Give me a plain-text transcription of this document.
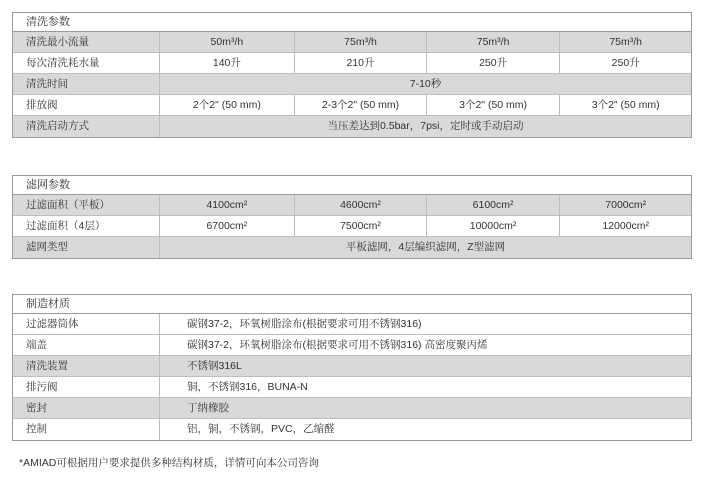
清洗参数
清洗最小流量	50m³/h	75m³/h	75m³/h	75m³/h
每次清洗耗水量	140升	210升	250升	250升
清洗时间	7-10秒
排放阀	2个2" (50 mm)	2-3个2" (50 mm)	3个2" (50 mm)	3个2" (50 mm)
清洗启动方式	当压差达到0.5bar，7psi，定时或手动启动
滤网参数
过滤面积（平板）	4100cm²	4600cm²	6100cm²	7000cm²
过滤面积（4层）	6700cm²	7500cm²	10000cm²	12000cm²
滤网类型	平板滤网，4层编织滤网，Z型滤网
制造材质
过滤器筒体	碳钢37-2，环氧树脂涂布(根据要求可用不锈钢316)
端盖	碳钢37-2，环氧树脂涂布(根据要求可用不锈钢316) 高密度聚丙烯
清洗装置	不锈钢316L
排污阀	铜，不锈钢316，BUNA-N
密封	丁纳橡胶
控制	铝，铜，不锈钢，PVC，乙缩醛
*AMIAD可根据用户要求提供多种结构材质，详情可向本公司咨询
